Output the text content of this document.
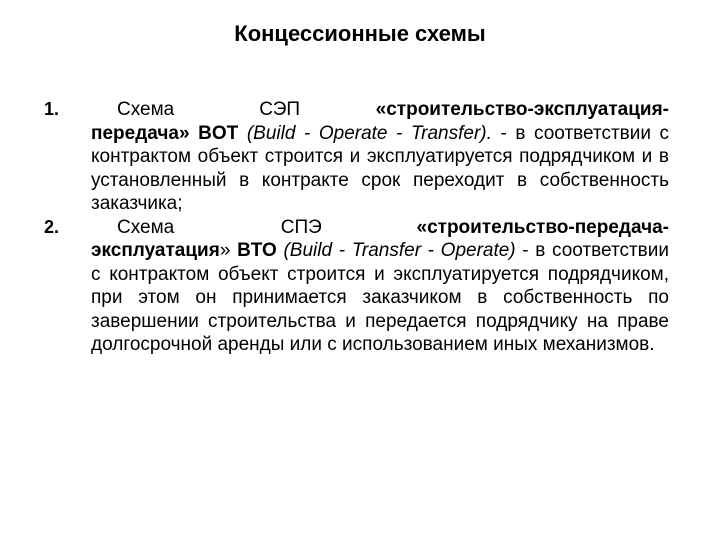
Концессионные схемы
1.	Схема	СЭП	«строительство-эксплуатация-передача» BOT (Build - Operate - Transfer). - в соответствии с контрактом объект строится и эксплуатируется подрядчиком и в установленный в контракте срок переходит в собственность заказчика;
2.	Схема	СПЭ	«строительство-передача-эксплуатация» BTO (Build - Transfer - Operate) - в соответствии с контрактом объект строится и эксплуатируется подрядчиком, при этом он принимается заказчиком в собственность по завершении строительства и передается подрядчику на праве долгосрочной аренды или с использованием иных механизмов.
